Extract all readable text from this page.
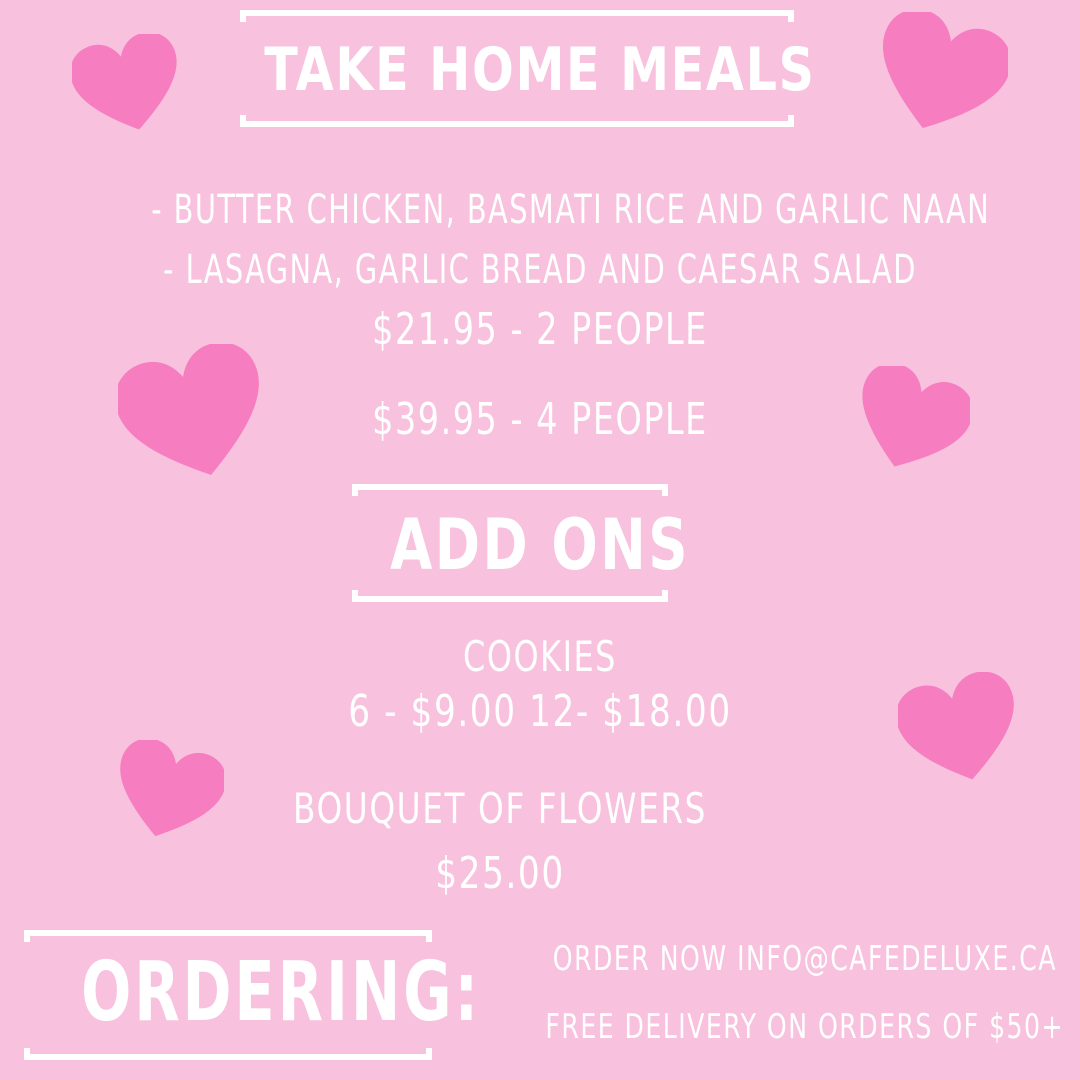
TAKE HOME MEALS
- BUTTER CHICKEN, BASMATI RICE AND GARLIC NAAN
- LASAGNA, GARLIC BREAD AND CAESAR SALAD
$21.95 - 2 PEOPLE
$39.95 - 4 PEOPLE
ADD ONS
COOKIES
6 - $9.00 12- $18.00
BOUQUET OF FLOWERS
$25.00
ORDERING: ORDER NOW INFO@CAFEDELUXE.CA
FREE DELIVERY ON ORDERS OF $50+
